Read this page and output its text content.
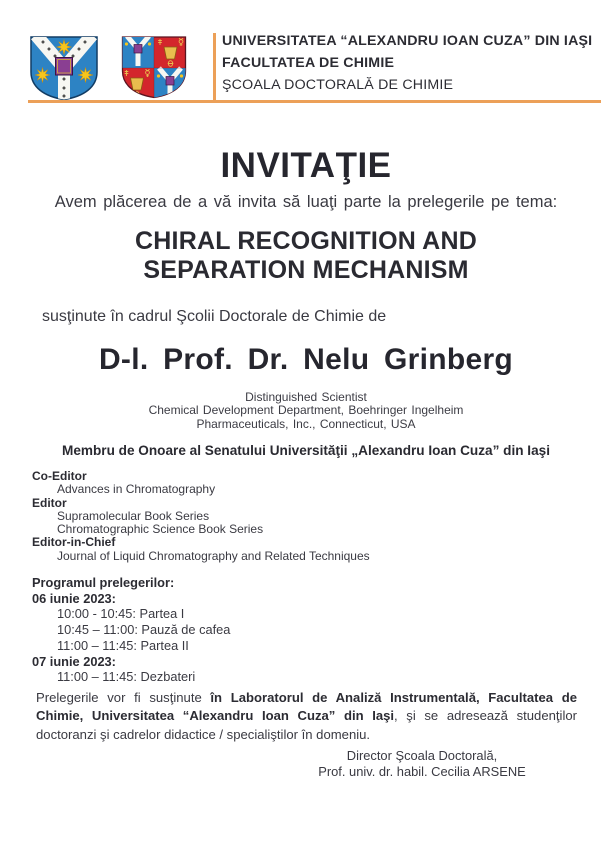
UNIVERSITATEA “ALEXANDRU IOAN CUZA” DIN IAŞI
FACULTATEA DE CHIMIE
ŞCOALA DOCTORALĂ DE CHIMIE
INVITAŢIE
Avem plăcerea de a vă invita să luaţi parte la prelegerile pe tema:
CHIRAL RECOGNITION AND
SEPARATION MECHANISM
susţinute în cadrul Şcolii Doctorale de Chimie de
D-l. Prof. Dr. Nelu Grinberg
Distinguished Scientist
Chemical Development Department, Boehringer Ingelheim
Pharmaceuticals, Inc., Connecticut, USA
Membru de Onoare al Senatului Universităţii „Alexandru Ioan Cuza” din Iaşi
Co-Editor
Advances in Chromatography
Editor
Supramolecular Book Series
Chromatographic Science Book Series
Editor-in-Chief
Journal of Liquid Chromatography and Related Techniques
Programul prelegerilor:
06 iunie 2023:
10:00 - 10:45: Partea I
10:45 – 11:00: Pauză de cafea
11:00 – 11:45: Partea II
07 iunie 2023:
11:00 – 11:45: Dezbateri
Prelegerile vor fi susţinute în Laboratorul de Analiză Instrumentală, Facultatea de Chimie, Universitatea “Alexandru Ioan Cuza” din Iaşi, şi se adresează studenţilor doctoranzi şi cadrelor didactice / specialiştilor în domeniu.
Director Şcoala Doctorală,
Prof. univ. dr. habil. Cecilia ARSENE
